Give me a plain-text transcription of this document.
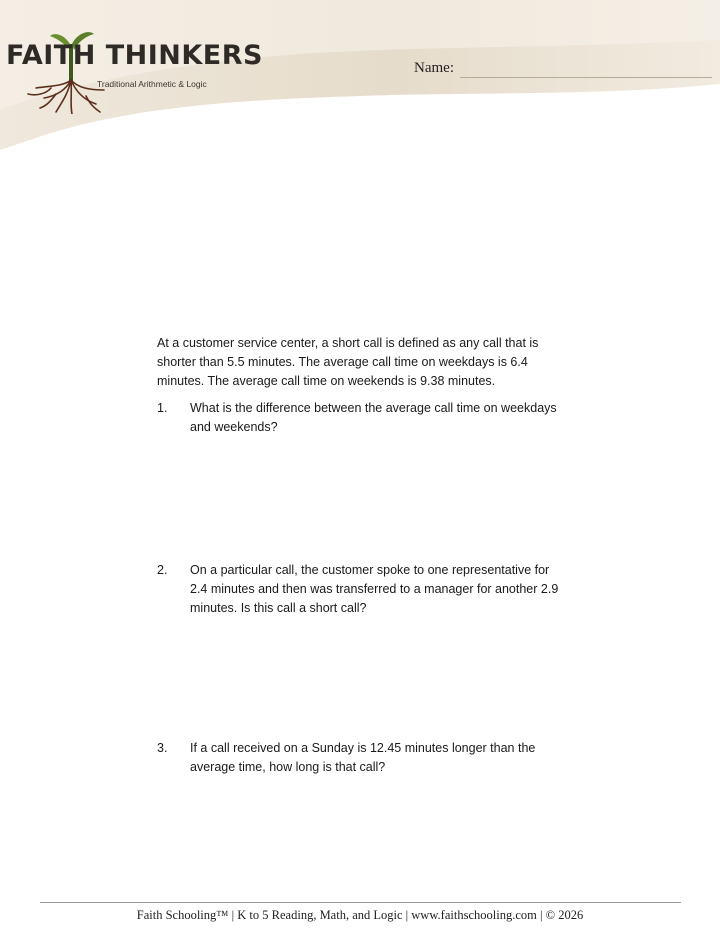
FAITH THINKERS
Traditional Arithmetic & Logic
Name:

At a customer service center, a short call is defined as any call that is shorter than 5.5 minutes. The average call time on weekdays is 6.4 minutes. The average call time on weekends is 9.38 minutes.

1. What is the difference between the average call time on weekdays and weekends?
2. On a particular call, the customer spoke to one representative for 2.4 minutes and then was transferred to a manager for another 2.9 minutes. Is this call a short call?
3. If a call received on a Sunday is 12.45 minutes longer than the average time, how long is that call?
Faith Schooling™ | K to 5 Reading, Math, and Logic | www.faithschooling.com | © 2026
